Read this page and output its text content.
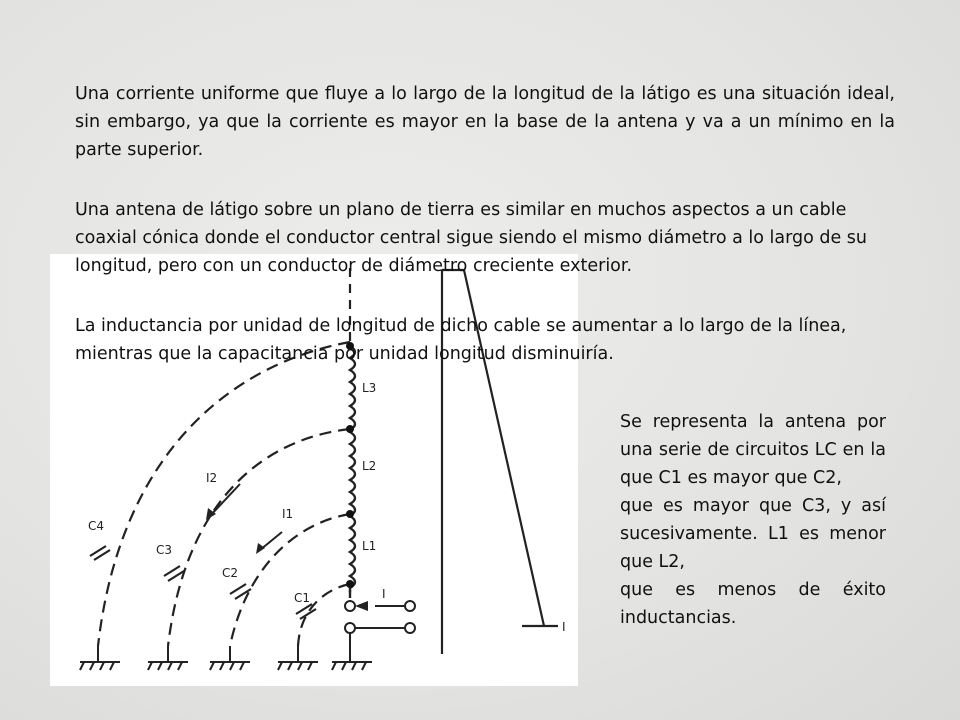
L3
L2
L1
C4
C3
C2
C1
I2
I1
I
I

Una corriente uniforme que fluye a lo largo de la longitud de la látigo es una situación ideal, sin embargo, ya que la corriente es mayor en la base de la antena y va a un mínimo en la parte superior.

Una antena de látigo sobre un plano de tierra es similar en muchos aspectos a un cable coaxial cónica donde el conductor central sigue siendo el mismo diámetro a lo largo de su longitud, pero con un conductor de diámetro creciente exterior.

La inductancia por unidad de longitud de dicho cable se aumentar a lo largo de la línea, mientras que la capacitancia por unidad longitud disminuiría.

Se representa la antena por una serie de circuitos LC en la que C1 es mayor que C2,

que es mayor que C3, y así sucesivamente. L1 es menor que L2,

que es menos de éxito inductancias.
